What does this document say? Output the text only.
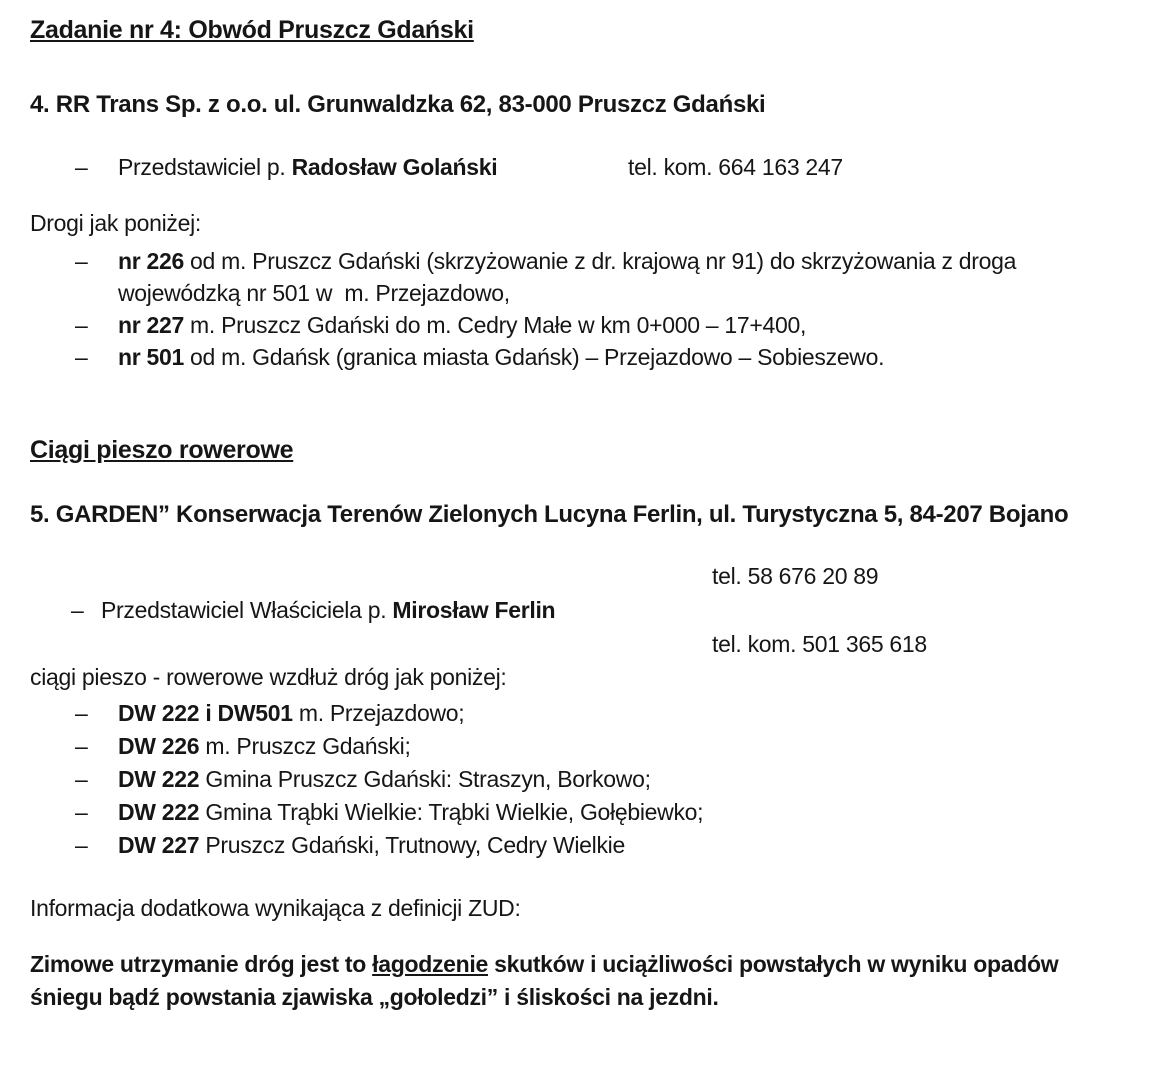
Zadanie nr 4: Obwód Pruszcz Gdański
4. RR Trans Sp. z o.o. ul. Grunwaldzka 62, 83-000 Pruszcz Gdański
– Przedstawiciel p. Radosław Golański	tel. kom. 664 163 247
Drogi jak poniżej:
– nr 226 od m. Pruszcz Gdański (skrzyżowanie z dr. krajową nr 91) do skrzyżowania z droga wojewódzką nr 501 w  m. Przejazdowo,
– nr 227 m. Pruszcz Gdański do m. Cedry Małe w km 0+000 – 17+400,
– nr 501 od m. Gdańsk (granica miasta Gdańsk) – Przejazdowo – Sobieszewo.
Ciągi pieszo rowerowe
5. GARDEN” Konserwacja Terenów Zielonych Lucyna Ferlin, ul. Turystyczna 5, 84-207 Bojano
tel. 58 676 20 89
– Przedstawiciel Właściciela p. Mirosław Ferlin
tel. kom. 501 365 618
ciągi pieszo - rowerowe wzdłuż dróg jak poniżej:
– DW 222 i DW501 m. Przejazdowo;
– DW 226 m. Pruszcz Gdański;
– DW 222 Gmina Pruszcz Gdański: Straszyn, Borkowo;
– DW 222 Gmina Trąbki Wielkie: Trąbki Wielkie, Gołębiewko;
– DW 227 Pruszcz Gdański, Trutnowy, Cedry Wielkie
Informacja dodatkowa wynikająca z definicji ZUD:
Zimowe utrzymanie dróg jest to łagodzenie skutków i uciążliwości powstałych w wyniku opadów śniegu bądź powstania zjawiska „gołoledzi” i śliskości na jezdni.
